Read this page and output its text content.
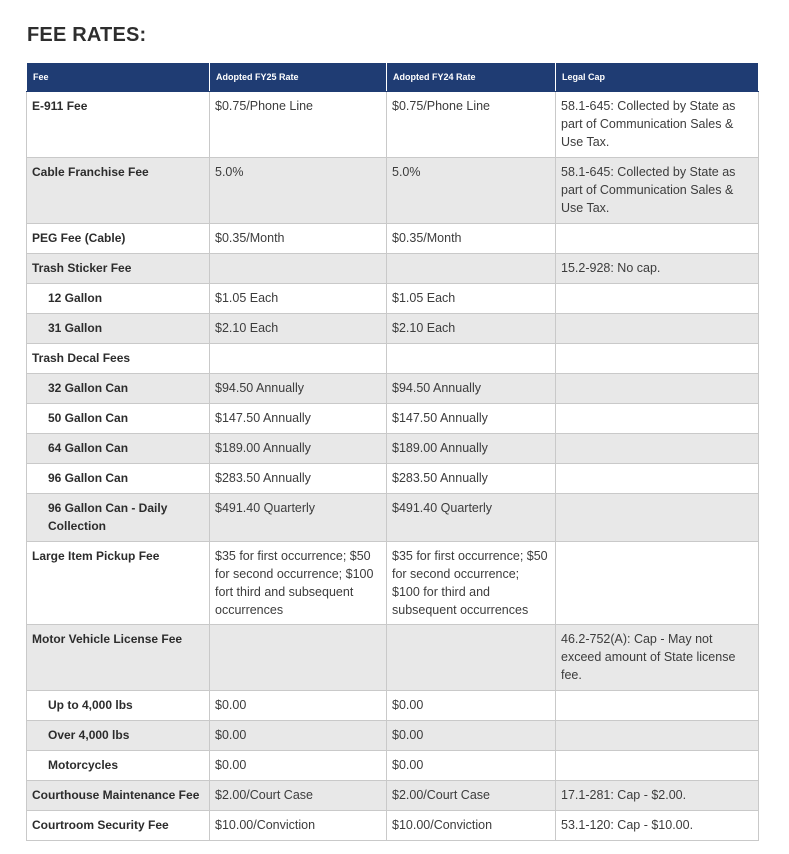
FEE RATES:
Fee	Adopted FY25 Rate	Adopted FY24 Rate	Legal Cap
E-911 Fee	$0.75/Phone Line	$0.75/Phone Line	58.1-645: Collected by State as part of Communication Sales & Use Tax.
Cable Franchise Fee	5.0%	5.0%	58.1-645: Collected by State as part of Communication Sales & Use Tax.
PEG Fee (Cable)	$0.35/Month	$0.35/Month	
Trash Sticker Fee			15.2-928: No cap.
12 Gallon	$1.05 Each	$1.05 Each	
31 Gallon	$2.10 Each	$2.10 Each	
Trash Decal Fees			
32 Gallon Can	$94.50 Annually	$94.50 Annually	
50 Gallon Can	$147.50 Annually	$147.50 Annually	
64 Gallon Can	$189.00 Annually	$189.00 Annually	
96 Gallon Can	$283.50 Annually	$283.50 Annually	
96 Gallon Can - Daily Collection	$491.40 Quarterly	$491.40 Quarterly	
Large Item Pickup Fee	$35 for first occurrence; $50 for second occurrence; $100 fort third and subsequent occurrences	$35 for first occurrence; $50 for second occurrence; $100 for third and subsequent occurrences	
Motor Vehicle License Fee			46.2-752(A): Cap - May not exceed amount of State license fee.
Up to 4,000 lbs	$0.00	$0.00	
Over 4,000 lbs	$0.00	$0.00	
Motorcycles	$0.00	$0.00	
Courthouse Maintenance Fee	$2.00/Court Case	$2.00/Court Case	17.1-281: Cap - $2.00.
Courtroom Security Fee	$10.00/Conviction	$10.00/Conviction	53.1-120: Cap - $10.00.
